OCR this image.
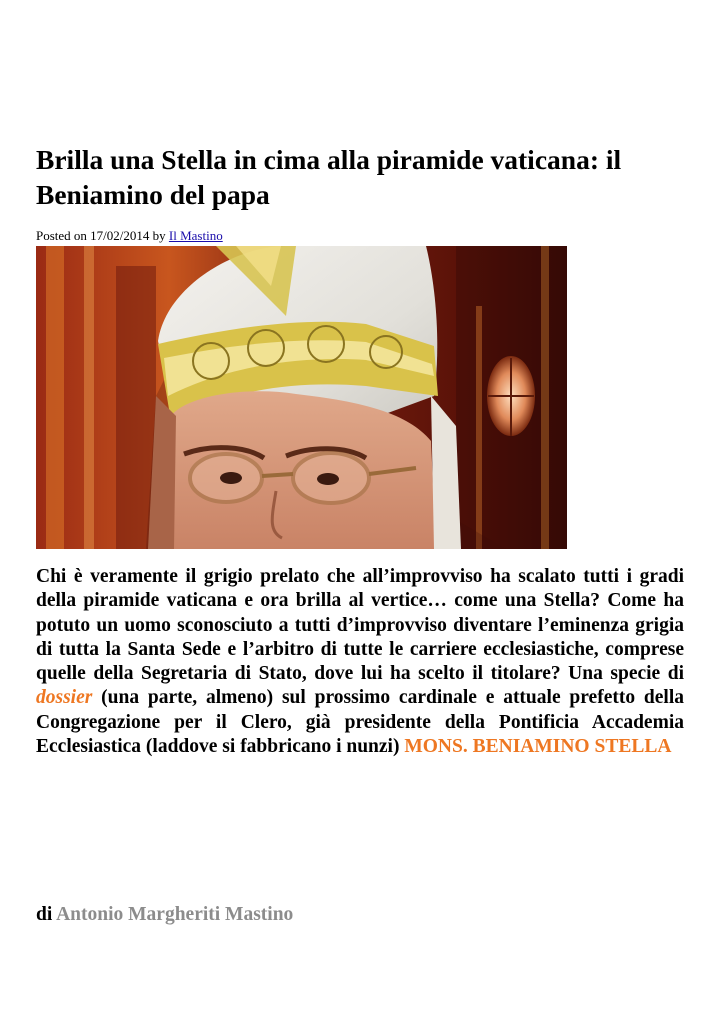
Brilla una Stella in cima alla piramide vaticana: il Beniamino del papa
Posted on 17/02/2014 by Il Mastino

Chi è veramente il grigio prelato che all’improvviso ha scalato tutti i gradi della piramide vaticana e ora brilla al vertice… come una Stella? Come ha potuto un uomo sconosciuto a tutti d’improvviso diventare l’eminenza grigia di tutta la Santa Sede e l’arbitro di tutte le carriere ecclesiastiche, comprese quelle della Segretaria di Stato, dove lui ha scelto il titolare? Una specie di dossier (una parte, almeno) sul prossimo cardinale e attuale prefetto della Congregazione per il Clero, già presidente della Pontificia Accademia Ecclesiastica (laddove si fabbricano i nunzi) MONS. BENIAMINO STELLA

di Antonio Margheriti Mastino
